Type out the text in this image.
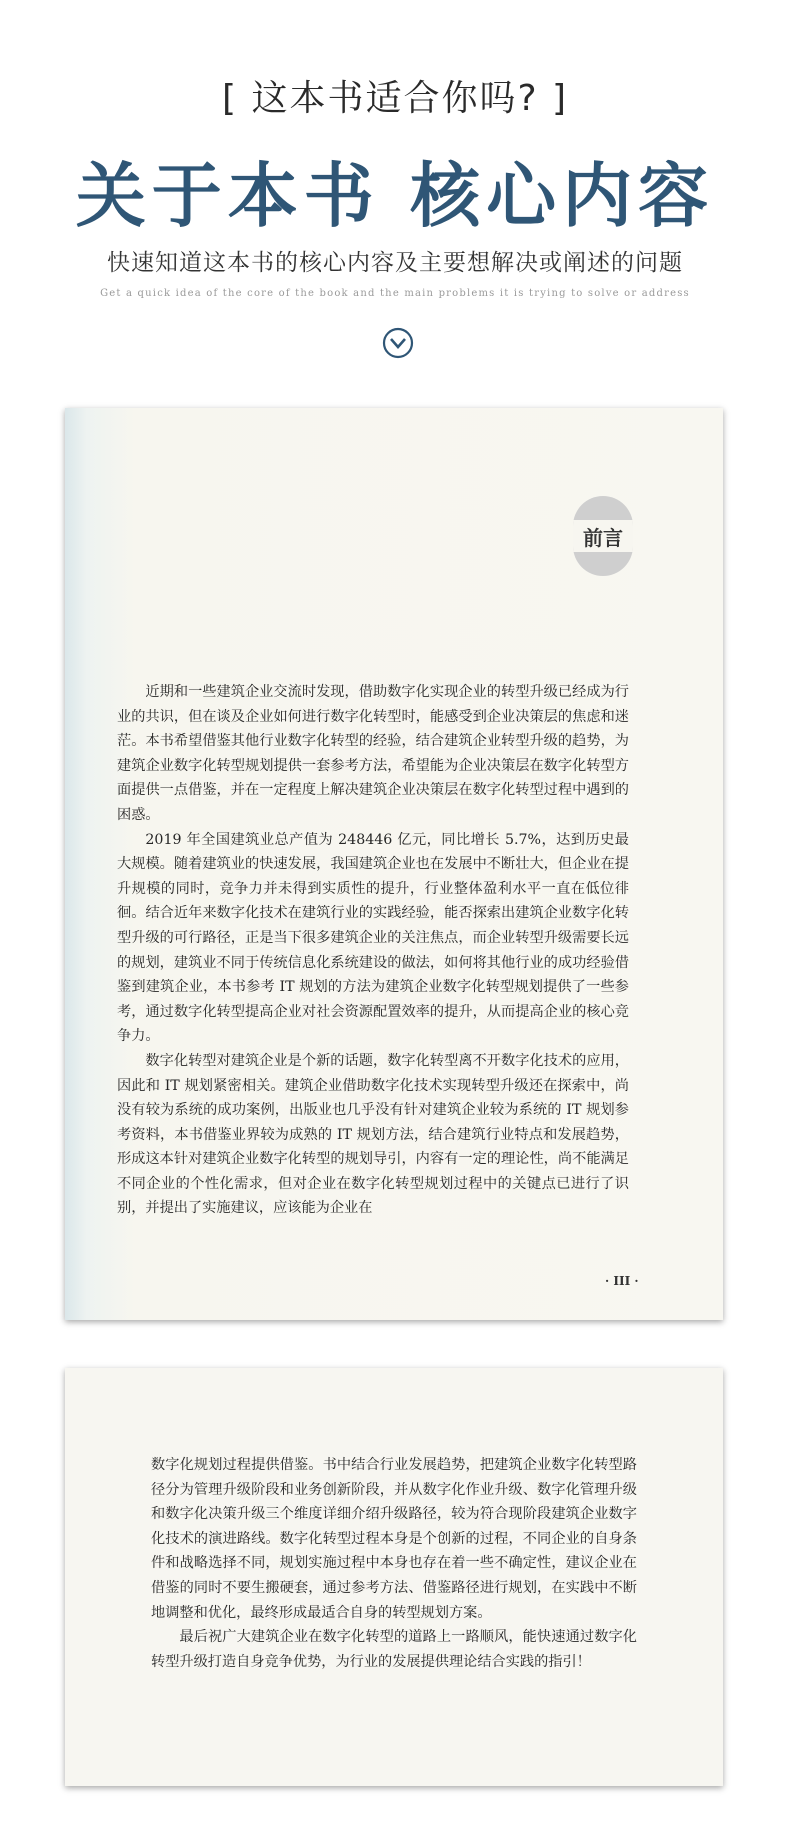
[ 这本书适合你吗? ]
关于本书 核心内容
快速知道这本书的核心内容及主要想解决或阐述的问题
Get a quick idea of the core of the book and the main problems it is trying to solve or address
前言

近期和一些建筑企业交流时发现，借助数字化实现企业的转型升级已经成为行业的共识，但在谈及企业如何进行数字化转型时，能感受到企业决策层的焦虑和迷茫。本书希望借鉴其他行业数字化转型的经验，结合建筑企业转型升级的趋势，为建筑企业数字化转型规划提供一套参考方法，希望能为企业决策层在数字化转型方面提供一点借鉴，并在一定程度上解决建筑企业决策层在数字化转型过程中遇到的困惑。

2019 年全国建筑业总产值为 248446 亿元，同比增长 5.7%，达到历史最大规模。随着建筑业的快速发展，我国建筑企业也在发展中不断壮大，但企业在提升规模的同时，竞争力并未得到实质性的提升，行业整体盈利水平一直在低位徘徊。结合近年来数字化技术在建筑行业的实践经验，能否探索出建筑企业数字化转型升级的可行路径，正是当下很多建筑企业的关注焦点，而企业转型升级需要长远的规划，建筑业不同于传统信息化系统建设的做法，如何将其他行业的成功经验借鉴到建筑企业，本书参考 IT 规划的方法为建筑企业数字化转型规划提供了一些参考，通过数字化转型提高企业对社会资源配置效率的提升，从而提高企业的核心竞争力。

数字化转型对建筑企业是个新的话题，数字化转型离不开数字化技术的应用，因此和 IT 规划紧密相关。建筑企业借助数字化技术实现转型升级还在探索中，尚没有较为系统的成功案例，出版业也几乎没有针对建筑企业较为系统的 IT 规划参考资料，本书借鉴业界较为成熟的 IT 规划方法，结合建筑行业特点和发展趋势，形成这本针对建筑企业数字化转型的规划导引，内容有一定的理论性，尚不能满足不同企业的个性化需求，但对企业在数字化转型规划过程中的关键点已进行了识别，并提出了实施建议，应该能为企业在

· III ·

数字化规划过程提供借鉴。书中结合行业发展趋势，把建筑企业数字化转型路径分为管理升级阶段和业务创新阶段，并从数字化作业升级、数字化管理升级和数字化决策升级三个维度详细介绍升级路径，较为符合现阶段建筑企业数字化技术的演进路线。数字化转型过程本身是个创新的过程，不同企业的自身条件和战略选择不同，规划实施过程中本身也存在着一些不确定性，建议企业在借鉴的同时不要生搬硬套，通过参考方法、借鉴路径进行规划，在实践中不断地调整和优化，最终形成最适合自身的转型规划方案。

最后祝广大建筑企业在数字化转型的道路上一路顺风，能快速通过数字化转型升级打造自身竞争优势，为行业的发展提供理论结合实践的指引！
